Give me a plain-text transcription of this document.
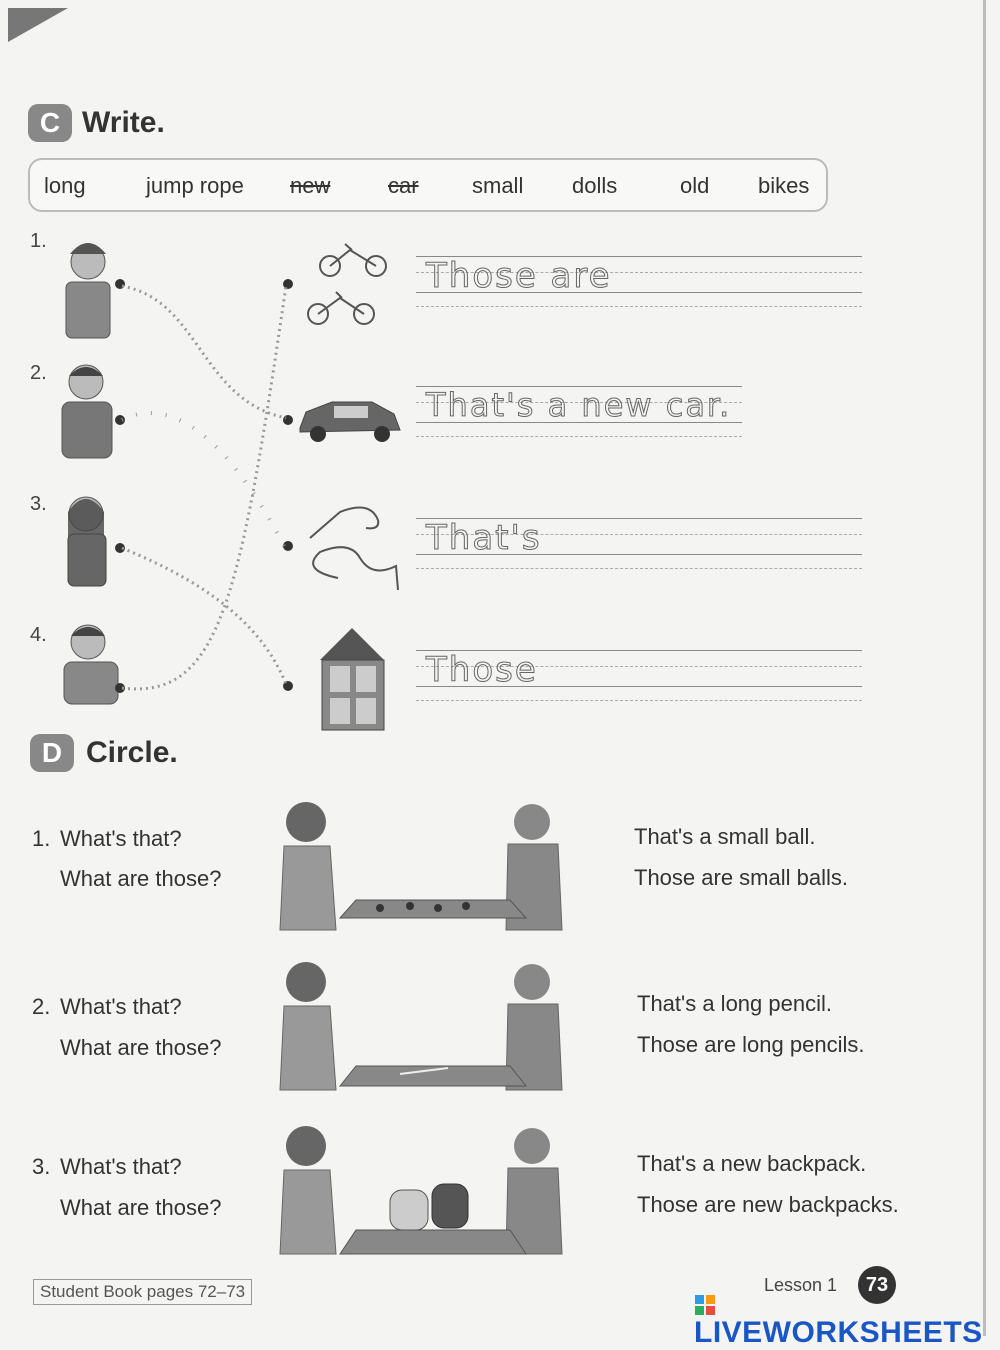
C Write.
long	jump rope new	car small dolls	old bikes
1.
2.
3.
4.
Those are
That's a new car.
That's
Those
D Circle.
1. What's that?
What are those?
That's a small ball.
Those are small balls.
2. What's that?
What are those?
That's a long pencil.
Those are long pencils.
3. What's that?
What are those?
That's a new backpack.
Those are new backpacks.
Student Book pages 72–73	Lesson 1	73
LIVEWORKSHEETS
